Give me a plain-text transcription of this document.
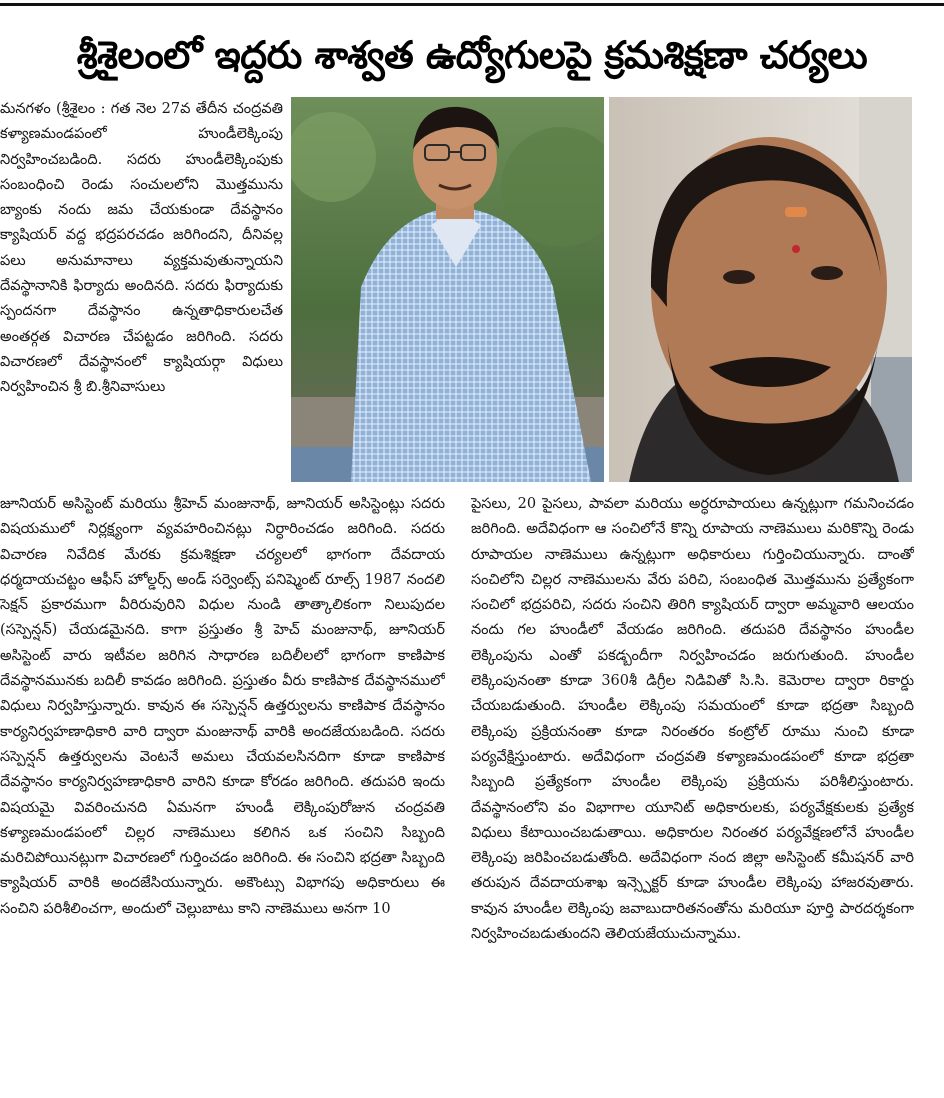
శ్రీశైలంలో ఇద్దరు శాశ్వత ఉద్యోగులపై క్రమశిక్షణా చర్యలు
మనగళం (శ్రీశైలం : గత నెల 27వ తేదీన చంద్రవతి కళ్యాణమండపంలో హుండీలెక్కింపు నిర్వహించబడింది. సదరు హుండీలెక్కింపుకు సంబంధించి రెండు సంచులలోని మొత్తమును బ్యాంకు నందు జమ చేయకుండా దేవస్థానం క్యాషియర్ వద్ద భద్రపరచడం జరిగిందని, దీనివల్ల పలు అనుమానాలు వ్యక్తమవుతున్నాయని దేవస్థానానికి ఫిర్యాదు అందినది. సదరు ఫిర్యాదుకు స్పందనగా దేవస్థానం ఉన్నతాధికారులచేత అంతర్గత విచారణ చేపట్టడం జరిగింది. సదరు విచారణలో దేవస్థానంలో క్యాషియర్గా విధులు నిర్వహించిన శ్రీ బి.శ్రీనివాసులు
జూనియర్ అసిస్టెంట్ మరియు శ్రీహెచ్ మంజునాథ్, జూనియర్ అసిస్టెంట్లు సదరు విషయములో నిర్లక్ష్యంగా వ్యవహరించినట్లు నిర్ధారించడం జరిగింది. సదరు విచారణ నివేదిక మేరకు క్రమశిక్షణా చర్యలలో భాగంగా దేవదాయ ధర్మదాయచట్టం ఆఫీస్ హోల్డర్స్ అండ్ సర్వెంట్స్ పనిష్మెంట్ రూల్స్ 1987 నందలి సెక్షన్ ప్రకారముగా వీరిరువురిని విధుల నుండి తాత్కాలికంగా నిలుపుదల (సస్పెన్షన్) చేయడమైనది. కాగా ప్రస్తుతం శ్రీ హెచ్ మంజునాథ్, జూనియర్ అసిస్టెంట్ వారు ఇటీవల జరిగిన సాధారణ బదిలీలలో భాగంగా కాణిపాక దేవస్థానమునకు బదిలీ కావడం జరిగింది. ప్రస్తుతం వీరు కాణిపాక దేవస్థానములో విధులు నిర్వహిస్తున్నారు. కావున ఈ సస్పెన్షన్ ఉత్తర్వులను కాణిపాక దేవస్థానం కార్యనిర్వహణాధికారి వారి ద్వారా మంజునాథ్ వారికి అందజేయబడింది. సదరు సస్పెన్షన్ ఉత్తర్వులను వెంటనే అమలు చేయవలసినదిగా కూడా కాణిపాక దేవస్థానం కార్యనిర్వహణాధికారి వారిని కూడా కోరడం జరిగింది. తదుపరి ఇందు విషయమై వివరించునది ఏమనగా హుండీ లెక్కింపురోజున చంద్రవతి కళ్యాణమండపంలో చిల్లర నాణెములు కలిగిన ఒక సంచిని సిబ్బంది మరిచిపోయినట్లుగా విచారణలో గుర్తించడం జరిగింది. ఈ సంచిని భద్రతా సిబ్బంది క్యాషియర్ వారికి అందజేసియున్నారు. అకౌంట్సు విభాగపు అధికారులు ఈ సంచిని పరిశీలించగా, అందులో చెల్లుబాటు కాని నాణెములు అనగా 10
పైసలు, 20 పైసలు, పావలా మరియు అర్ధరూపాయలు ఉన్నట్లుగా గమనించడం జరిగింది. అదేవిధంగా ఆ సంచిలోనే కొన్ని రూపాయ నాణెములు మరికొన్ని రెండు రూపాయల నాణెములు ఉన్నట్లుగా అధికారులు గుర్తించియున్నారు. దాంతో సంచిలోని చిల్లర నాణెములను వేరు పరిచి, సంబంధిత మొత్తమును ప్రత్యేకంగా సంచిలో భద్రపరిచి, సదరు సంచిని తిరిగి క్యాషియర్ ద్వారా అమ్మవారి ఆలయం నందు గల హుండీలో వేయడం జరిగింది. తదుపరి దేవస్థానం హుండీల లెక్కింపును ఎంతో పకడ్బందీగా నిర్వహించడం జరుగుతుంది. హుండీల లెక్కింపునంతా కూడా 360శీ డిగ్రీల నిడివితో సి.సి. కెమెరాల ద్వారా రికార్డు చేయబడుతుంది. హుండీల లెక్కింపు సమయంలో కూడా భద్రతా సిబ్బంది లెక్కింపు ప్రక్రియనంతా కూడా నిరంతరం కంట్రోల్ రూము నుంచి కూడా పర్యవేక్షిస్తుంటారు. అదేవిధంగా చంద్రవతి కళ్యాణమండపంలో కూడా భద్రతా సిబ్బంది ప్రత్యేకంగా హుండీల లెక్కింపు ప్రక్రియను పరిశీలిస్తుంటారు. దేవస్థానంలోని వం విభాగాల యూనిట్ అధికారులకు, పర్యవేక్షకులకు ప్రత్యేక విధులు కేటాయించబడుతాయి. అధికారుల నిరంతర పర్యవేక్షణలోనే హుండీల లెక్కింపు జరిపించబడుతోంది. అదేవిధంగా నంద జిల్లా అసిస్టెంట్ కమీషనర్ వారి తరుపున దేవదాయశాఖ ఇన్స్పెక్టర్ కూడా హుండీల లెక్కింపు హాజరవుతారు. కావున హుండీల లెక్కింపు జవాబుదారితనంతోను మరియూ పూర్తి పారదర్శకంగా నిర్వహించబడుతుందని తెలియజేయుచున్నాము.
